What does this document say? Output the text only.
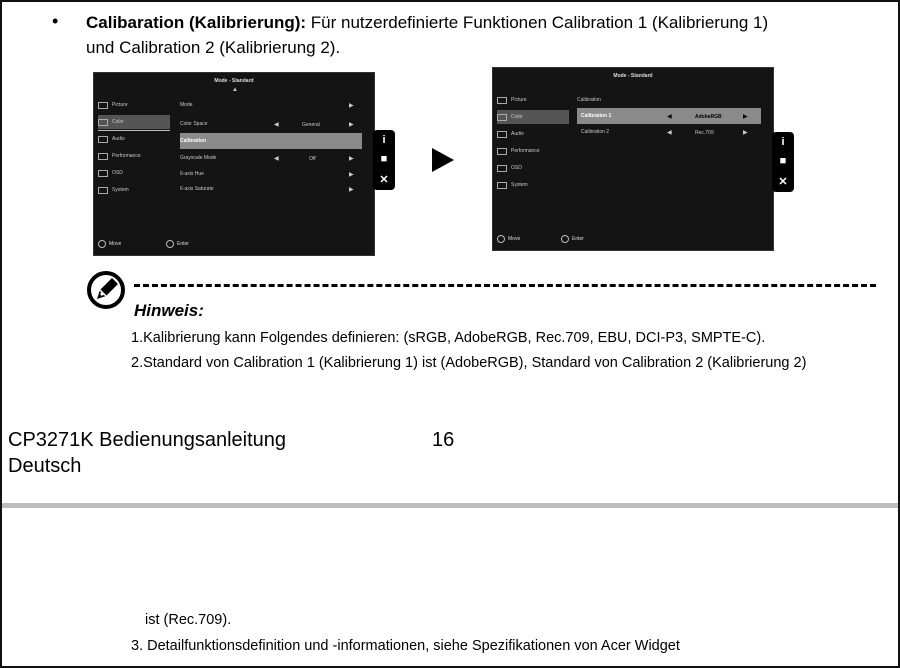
• Calibaration (Kalibrierung): Für nutzerdefinierte Funktionen Calibration 1 (Kalibrierung 1)
und Calibration 2 (Kalibrierung 2).
Mode - Standard
▲
Picture
Color
Audio
Performance
OSD
System
Mode	▶
Color Space	◀	General	▶
Calibration
Grayscale Mode	◀	Off	▶
6-axis Hue	▶
6-axis Saturate	▶
Move	Enter
i
■
✕
Mode - Standard
Picture
Color
Audio
Performance
OSD
System
Calibration
Calibration 1	◀	AdobeRGB	▶
Calibration 2	◀	Rec.709	▶
Move	Enter
i
■
✕
Hinweis:
1.Kalibrierung kann Folgendes definieren: (sRGB, AdobeRGB, Rec.709, EBU, DCI-P3, SMPTE-C).
2.Standard von Calibration 1 (Kalibrierung 1) ist (AdobeRGB), Standard von Calibration 2 (Kalibrierung 2)
CP3271K Bedienungsanleitung	16
Deutsch
ist (Rec.709).
3. Detailfunktionsdefinition und -informationen, siehe Spezifikationen von Acer Widget
